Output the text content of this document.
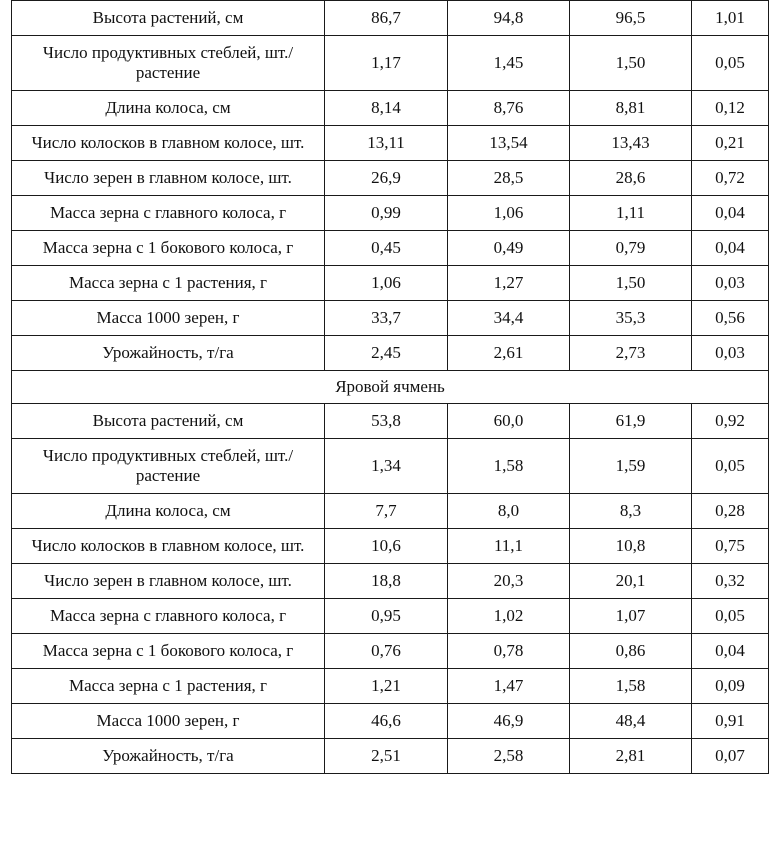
Высота растений, см	86,7	94,8	96,5	1,01
Число продуктивных стеблей, шт./растение	1,17	1,45	1,50	0,05
Длина колоса, см	8,14	8,76	8,81	0,12
Число колосков в главном колосе, шт.	13,11	13,54	13,43	0,21
Число зерен в главном колосе, шт.	26,9	28,5	28,6	0,72
Масса зерна с главного колоса, г	0,99	1,06	1,11	0,04
Масса зерна с 1 бокового колоса, г	0,45	0,49	0,79	0,04
Масса зерна с 1 растения, г	1,06	1,27	1,50	0,03
Масса 1000 зерен, г	33,7	34,4	35,3	0,56
Урожайность, т/га	2,45	2,61	2,73	0,03
Яровой ячмень				
Высота растений, см	53,8	60,0	61,9	0,92
Число продуктивных стеблей, шт./растение	1,34	1,58	1,59	0,05
Длина колоса, см	7,7	8,0	8,3	0,28
Число колосков в главном колосе, шт.	10,6	11,1	10,8	0,75
Число зерен в главном колосе, шт.	18,8	20,3	20,1	0,32
Масса зерна с главного колоса, г	0,95	1,02	1,07	0,05
Масса зерна с 1 бокового колоса, г	0,76	0,78	0,86	0,04
Масса зерна с 1 растения, г	1,21	1,47	1,58	0,09
Масса 1000 зерен, г	46,6	46,9	48,4	0,91
Урожайность, т/га	2,51	2,58	2,81	0,07
